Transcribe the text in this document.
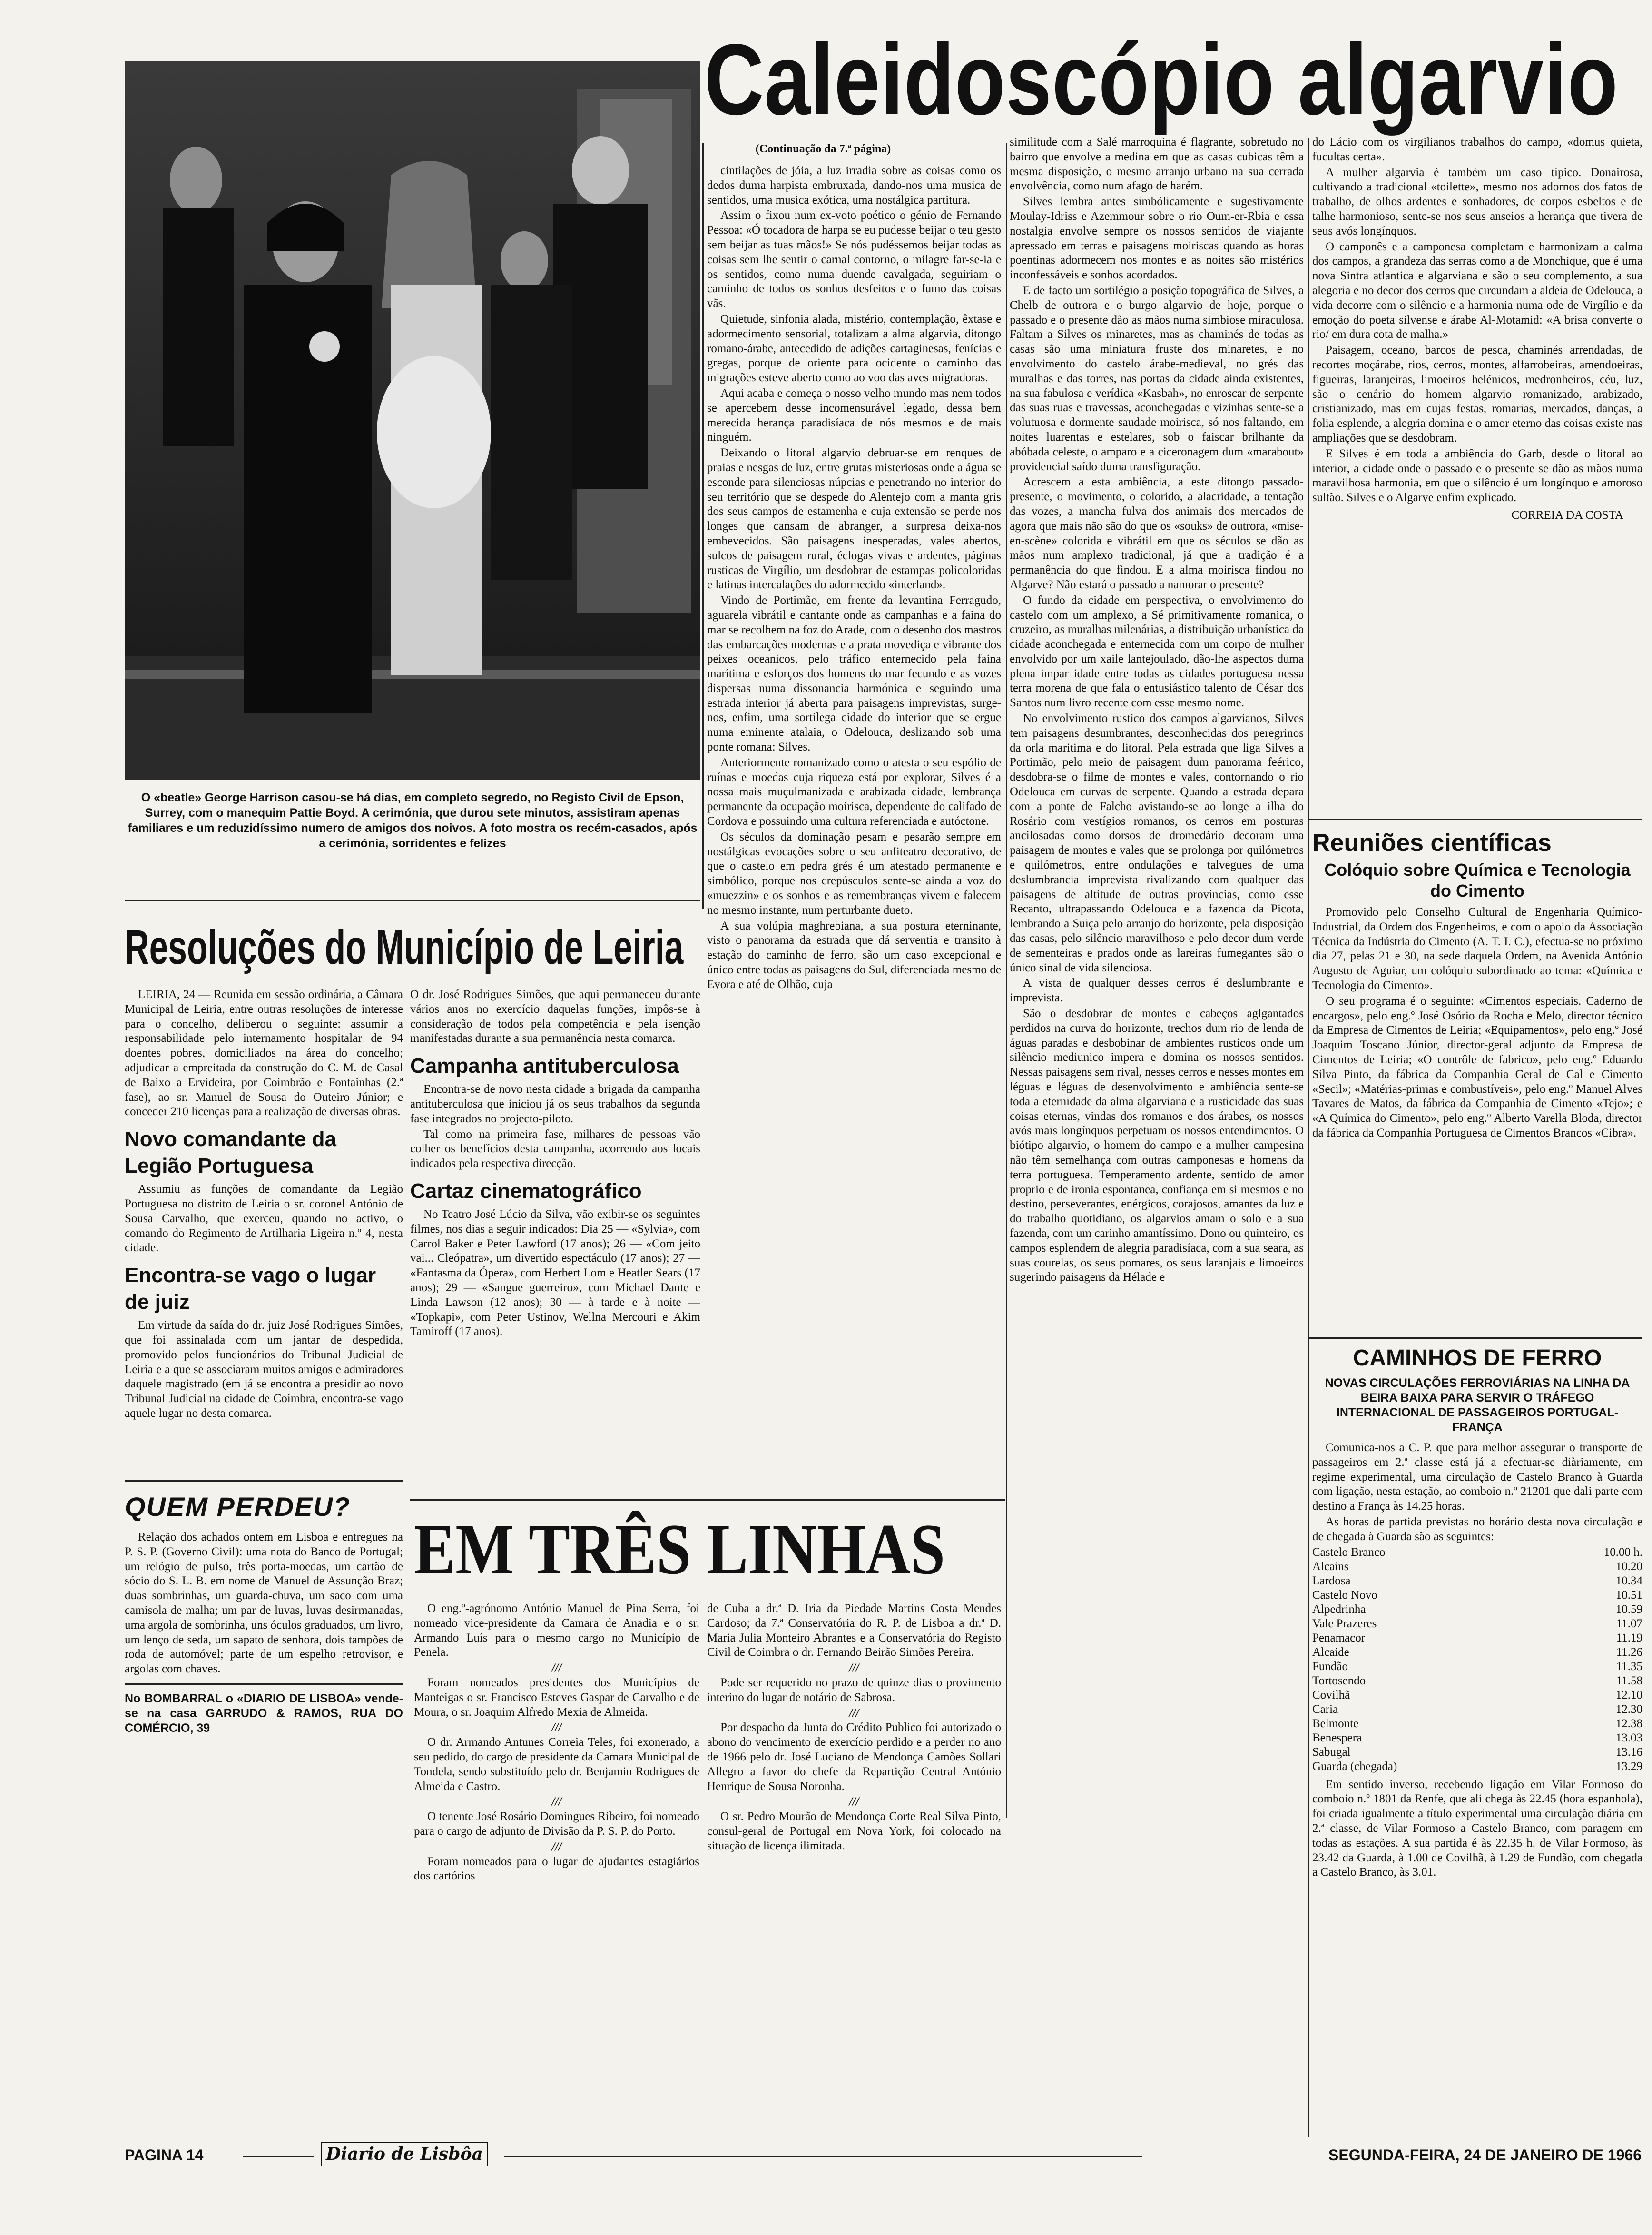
Caleidoscópio algarvio
(Continuação da 7.ª página)
O «beatle» George Harrison casou-se há dias, em completo segredo, no Registo Civil de Epson, Surrey, com o manequim Pattie Boyd. A cerimónia, que durou sete minutos, assistiram apenas familiares e um reduzidíssimo numero de amigos dos noivos. A foto mostra os recém-casados, após a cerimónia, sorridentes e felizes

cintilações de jóia, a luz irradia sobre as coisas como os dedos duma harpista embruxada, dando-nos uma musica de sentidos, uma musica exótica, uma nostálgica partitura.

Assim o fixou num ex-voto poético o génio de Fernando Pessoa: «Ó tocadora de harpa se eu pudesse beijar o teu gesto sem beijar as tuas mãos!» Se nós pudéssemos beijar todas as coisas sem lhe sentir o carnal contorno, o milagre far-se-ia e os sentidos, como numa duende cavalgada, seguiriam o caminho de todos os sonhos desfeitos e o fumo das coisas vãs.

Quietude, sinfonia alada, mistério, contemplação, êxtase e adormecimento sensorial, totalizam a alma algarvia, ditongo romano-árabe, antecedido de adições cartaginesas, fenícias e gregas, porque de oriente para ocidente o caminho das migrações esteve aberto como ao voo das aves migradoras.

Aqui acaba e começa o nosso velho mundo mas nem todos se apercebem desse incomensurável legado, dessa bem merecida herança paradisíaca de nós mesmos e de mais ninguém.

Deixando o litoral algarvio debruar-se em renques de praias e nesgas de luz, entre grutas misteriosas onde a água se esconde para silenciosas núpcias e penetrando no interior do seu território que se despede do Alentejo com a manta gris dos seus campos de estamenha e cuja extensão se perde nos longes que cansam de abranger, a surpresa deixa-nos embevecidos. São paisagens inesperadas, vales abertos, sulcos de paisagem rural, éclogas vivas e ardentes, páginas rusticas de Virgílio, um desdobrar de estampas policoloridas e latinas intercalações do adormecido «interland».

Vindo de Portimão, em frente da levantina Ferragudo, aguarela vibrátil e cantante onde as campanhas e a faina do mar se recolhem na foz do Arade, com o desenho dos mastros das embarcações modernas e a prata movediça e vibrante dos peixes oceanicos, pelo tráfico enternecido pela faina marítima e esforços dos homens do mar fecundo e as vozes dispersas numa dissonancia harmónica e seguindo uma estrada interior já aberta para paisagens imprevistas, surge-nos, enfim, uma sortilega cidade do interior que se ergue numa eminente atalaia, o Odelouca, deslizando sob uma ponte romana: Silves.

Anteriormente romanizado como o atesta o seu espólio de ruínas e moedas cuja riqueza está por explorar, Silves é a nossa mais muçulmanizada e arabizada cidade, lembrança permanente da ocupação moirisca, dependente do califado de Cordova e possuindo uma cultura referenciada e autóctone.

Os séculos da dominação pesam e pesarão sempre em nostálgicas evocações sobre o seu anfiteatro decorativo, de que o castelo em pedra grés é um atestado permanente e simbólico, porque nos crepúsculos sente-se ainda a voz do «muezzin» e os sonhos e as remembranças vivem e falecem no mesmo instante, num perturbante dueto.

A sua volúpia maghrebiana, a sua postura eterninante, visto o panorama da estrada que dá serventia e transito à estação do caminho de ferro, são um caso excepcional e único entre todas as paisagens do Sul, diferenciada mesmo de Evora e até de Olhão, cuja

similitude com a Salé marroquina é flagrante, sobretudo no bairro que envolve a medina em que as casas cubicas têm a mesma disposição, o mesmo arranjo urbano na sua cerrada envolvência, como num afago de harém.

Silves lembra antes simbólicamente e sugestivamente Moulay-Idriss e Azemmour sobre o rio Oum-er-Rbia e essa nostalgia envolve sempre os nossos sentidos de viajante apressado em terras e paisagens moiriscas quando as horas poentinas adormecem nos montes e as noites são mistérios inconfessáveis e sonhos acordados.

E de facto um sortilégio a posição topográfica de Silves, a Chelb de outrora e o burgo algarvio de hoje, porque o passado e o presente dão as mãos numa simbiose miraculosa. Faltam a Silves os minaretes, mas as chaminés de todas as casas são uma miniatura fruste dos minaretes, e no envolvimento do castelo árabe-medieval, no grés das muralhas e das torres, nas portas da cidade ainda existentes, na sua fabulosa e verídica «Kasbah», no enroscar de serpente das suas ruas e travessas, aconchegadas e vizinhas sente-se a volutuosa e dormente saudade moirisca, só nos faltando, em noites luarentas e estelares, sob o faiscar brilhante da abóbada celeste, o amparo e a ciceronagem dum «marabout» providencial saído duma transfiguração.

Acrescem a esta ambiência, a este ditongo passado-presente, o movimento, o colorido, a alacridade, a tentação das vozes, a mancha fulva dos animais dos mercados de agora que mais não são do que os «souks» de outrora, «mise-en-scène» colorida e vibrátil em que os séculos se dão as mãos num amplexo tradicional, já que a tradição é a permanência do que findou. E a alma moirisca findou no Algarve? Não estará o passado a namorar o presente?

O fundo da cidade em perspectiva, o envolvimento do castelo com um amplexo, a Sé primitivamente romanica, o cruzeiro, as muralhas milenárias, a distribuição urbanística da cidade aconchegada e enternecida com um corpo de mulher envolvido por um xaile lantejoulado, dão-lhe aspectos duma plena impar idade entre todas as cidades portuguesa nessa terra morena de que fala o entusiástico talento de César dos Santos num livro recente com esse mesmo nome.

No envolvimento rustico dos campos algarvianos, Silves tem paisagens desumbrantes, desconhecidas dos peregrinos da orla maritima e do litoral. Pela estrada que liga Silves a Portimão, pelo meio de paisagem dum panorama feérico, desdobra-se o filme de montes e vales, contornando o rio Odelouca em curvas de serpente. Quando a estrada depara com a ponte de Falcho avistando-se ao longe a ilha do Rosário com vestígios romanos, os cerros em posturas ancilosadas como dorsos de dromedário decoram uma paisagem de montes e vales que se prolonga por quilómetros e quilómetros, entre ondulações e talvegues de uma deslumbrancia imprevista rivalizando com qualquer das paisagens de altitude de outras províncias, como esse Recanto, ultrapassando Odelouca e a fazenda da Picota, lembrando a Suiça pelo arranjo do horizonte, pela disposição das casas, pelo silêncio maravilhoso e pelo decor dum verde de sementeiras e prados onde as lareiras fumegantes são o único sinal de vida silenciosa.

A vista de qualquer desses cerros é deslumbrante e imprevista.

São o desdobrar de montes e cabeços aglgantados perdidos na curva do horizonte, trechos dum rio de lenda de águas paradas e desbobinar de ambientes rusticos onde um silêncio mediunico impera e domina os nossos sentidos. Nessas paisagens sem rival, nesses cerros e nesses montes em léguas e léguas de desenvolvimento e ambiência sente-se toda a eternidade da alma algarviana e a rusticidade das suas coisas eternas, vindas dos romanos e dos árabes, os nossos avós mais longínquos perpetuam os nossos entendimentos. O biótipo algarvio, o homem do campo e a mulher campesina não têm semelhança com outras camponesas e homens da terra portuguesa. Temperamento ardente, sentido de amor proprio e de ironia espontanea, confiança em si mesmos e no destino, perseverantes, enérgicos, corajosos, amantes da luz e do trabalho quotidiano, os algarvios amam o solo e a sua fazenda, com um carinho amantíssimo. Dono ou quinteiro, os campos esplendem de alegria paradisíaca, com a sua seara, as suas courelas, os seus pomares, os seus laranjais e limoeiros sugerindo paisagens da Hélade e

do Lácio com os virgilianos trabalhos do campo, «domus quieta, fucultas certa».

A mulher algarvia é também um caso típico. Donairosa, cultivando a tradicional «toilette», mesmo nos adornos dos fatos de trabalho, de olhos ardentes e sonhadores, de corpos esbeltos e de talhe harmonioso, sente-se nos seus anseios a herança que tivera de seus avós longínquos.

O camponês e a camponesa completam e harmonizam a calma dos campos, a grandeza das serras como a de Monchique, que é uma nova Sintra atlantica e algarviana e são o seu complemento, a sua alegoria e no decor dos cerros que circundam a aldeia de Odelouca, a vida decorre com o silêncio e a harmonia numa ode de Virgílio e da emoção do poeta silvense e árabe Al-Motamid: «A brisa converte o rio/ em dura cota de malha.»

Paisagem, oceano, barcos de pesca, chaminés arrendadas, de recortes moçárabe, rios, cerros, montes, alfarrobeiras, amendoeiras, figueiras, laranjeiras, limoeiros helénicos, medronheiros, céu, luz, são o cenário do homem algarvio romanizado, arabizado, cristianizado, mas em cujas festas, romarias, mercados, danças, a folia esplende, a alegria domina e o amor eterno das coisas existe nas ampliações que se desdobram.

E Silves é em toda a ambiência do Garb, desde o litoral ao interior, a cidade onde o passado e o presente se dão as mãos numa maravilhosa harmonia, em que o silêncio é um longínquo e amoroso sultão. Silves e o Algarve enfim explicado.

CORREIA DA COSTA
Resoluções do Município de Leiria

LEIRIA, 24 — Reunida em sessão ordinária, a Câmara Municipal de Leiria, entre outras resoluções de interesse para o concelho, deliberou o seguinte: assumir a responsabilidade pelo internamento hospitalar de 94 doentes pobres, domiciliados na área do concelho; adjudicar a empreitada da construção do C. M. de Casal de Baixo a Ervideira, por Coimbrão e Fontainhas (2.ª fase), ao sr. Manuel de Sousa do Outeiro Júnior; e conceder 210 licenças para a realização de diversas obras.

Novo comandante da Legião Portuguesa

Assumiu as funções de comandante da Legião Portuguesa no distrito de Leiria o sr. coronel António de Sousa Carvalho, que exerceu, quando no activo, o comando do Regimento de Artilharia Ligeira n.º 4, nesta cidade.

Encontra-se vago o lugar de juiz

Em virtude da saída do dr. juiz José Rodrigues Simões, que foi assinalada com um jantar de despedida, promovido pelos funcionários do Tribunal Judicial de Leiria e a que se associaram muitos amigos e admiradores daquele magistrado (em já se encontra a presidir ao novo Tribunal Judicial na cidade de Coimbra, encontra-se vago aquele lugar no desta comarca.

O dr. José Rodrigues Simões, que aqui permaneceu durante vários anos no exercício daquelas funções, impôs-se à consideração de todos pela competência e pela isenção manifestadas durante a sua permanência nesta comarca.

Campanha antituberculosa

Encontra-se de novo nesta cidade a brigada da campanha antituberculosa que iniciou já os seus trabalhos da segunda fase integrados no projecto-piloto.

Tal como na primeira fase, milhares de pessoas vão colher os benefícios desta campanha, acorrendo aos locais indicados pela respectiva direcção.

Cartaz cinematográfico

No Teatro José Lúcio da Silva, vão exibir-se os seguintes filmes, nos dias a seguir indicados: Dia 25 — «Sylvia», com Carrol Baker e Peter Lawford (17 anos); 26 — «Com jeito vai... Cleópatra», um divertido espectáculo (17 anos); 27 — «Fantasma da Ópera», com Herbert Lom e Heatler Sears (17 anos); 29 — «Sangue guerreiro», com Michael Dante e Linda Lawson (12 anos); 30 — à tarde e à noite — «Topkapi», com Peter Ustinov, Wellna Mercouri e Akim Tamiroff (17 anos).

QUEM PERDEU?

Relação dos achados ontem em Lisboa e entregues na P. S. P. (Governo Civil): uma nota do Banco de Portugal; um relógio de pulso, três porta-moedas, um cartão de sócio do S. L. B. em nome de Manuel de Assunção Braz; duas sombrinhas, um guarda-chuva, um saco com uma camisola de malha; um par de luvas, luvas desirmanadas, uma argola de sombrinha, uns óculos graduados, um livro, um lenço de seda, um sapato de senhora, dois tampões de roda de automóvel; parte de um espelho retrovisor, e argolas com chaves.

No BOMBARRAL o «DIARIO DE LISBOA» vende-se na casa GARRUDO & RAMOS, RUA DO COMÉRCIO, 39

EM TRÊS LINHAS

O eng.º-agrónomo António Manuel de Pina Serra, foi nomeado vice-presidente da Camara de Anadia e o sr. Armando Luís para o mesmo cargo no Município de Penela.

///

Foram nomeados presidentes dos Municípios de Manteigas o sr. Francisco Esteves Gaspar de Carvalho e de Moura, o sr. Joaquim Alfredo Mexia de Almeida.

///

O dr. Armando Antunes Correia Teles, foi exonerado, a seu pedido, do cargo de presidente da Camara Municipal de Tondela, sendo substituído pelo dr. Benjamin Rodrigues de Almeida e Castro.

///

O tenente José Rosário Domingues Ribeiro, foi nomeado para o cargo de adjunto de Divisão da P. S. P. do Porto.

///

Foram nomeados para o lugar de ajudantes estagiários dos cartórios

de Cuba a dr.ª D. Iria da Piedade Martins Costa Mendes Cardoso; da 7.ª Conservatória do R. P. de Lisboa a dr.ª D. Maria Julia Monteiro Abrantes e a Conservatória do Registo Civil de Coimbra o dr. Fernando Beirão Simões Pereira.

///

Pode ser requerido no prazo de quinze dias o provimento interino do lugar de notário de Sabrosa.

///

Por despacho da Junta do Crédito Publico foi autorizado o abono do vencimento de exercício perdido e a perder no ano de 1966 pelo dr. José Luciano de Mendonça Camões Sollari Allegro a favor do chefe da Repartição Central António Henrique de Sousa Noronha.

///

O sr. Pedro Mourão de Mendonça Corte Real Silva Pinto, consul-geral de Portugal em Nova York, foi colocado na situação de licença ilimitada.

Reuniões científicas
Colóquio sobre Química e Tecnologia do Cimento

Promovido pelo Conselho Cultural de Engenharia Químico-Industrial, da Ordem dos Engenheiros, e com o apoio da Associação Técnica da Indústria do Cimento (A. T. I. C.), efectua-se no próximo dia 27, pelas 21 e 30, na sede daquela Ordem, na Avenida António Augusto de Aguiar, um colóquio subordinado ao tema: «Química e Tecnologia do Cimento».

O seu programa é o seguinte: «Cimentos especiais. Caderno de encargos», pelo eng.º José Osório da Rocha e Melo, director técnico da Empresa de Cimentos de Leiria; «Equipamentos», pelo eng.º José Joaquim Toscano Júnior, director-geral adjunto da Empresa de Cimentos de Leiria; «O contrôle de fabrico», pelo eng.º Eduardo Silva Pinto, da fábrica da Companhia Geral de Cal e Cimento «Secil»; «Matérias-primas e combustíveis», pelo eng.º Manuel Alves Tavares de Matos, da fábrica da Companhia de Cimento «Tejo»; e «A Química do Cimento», pelo eng.º Alberto Varella Bloda, director da fábrica da Companhia Portuguesa de Cimentos Brancos «Cibra».

CAMINHOS DE FERRO
NOVAS CIRCULAÇÕES FERROVIÁRIAS NA LINHA DA BEIRA BAIXA PARA SERVIR O TRÁFEGO INTERNACIONAL DE PASSAGEIROS PORTUGAL-FRANÇA

Comunica-nos a C. P. que para melhor assegurar o transporte de passageiros em 2.ª classe está já a efectuar-se diàriamente, em regime experimental, uma circulação de Castelo Branco à Guarda com ligação, nesta estação, ao comboio n.º 21201 que dali parte com destino a França às 14.25 horas.

As horas de partida previstas no horário desta nova circulação e de chegada à Guarda são as seguintes:

Castelo Branco	10.00 h.
Alcains	10.20
Lardosa	10.34
Castelo Novo	10.51
Alpedrinha	10.59
Vale Prazeres	11.07
Penamacor	11.19
Alcaide	11.26
Fundão	11.35
Tortosendo	11.58
Covilhã	12.10
Caria	12.30
Belmonte	12.38
Benespera	13.03
Sabugal	13.16
Guarda (chegada)	13.29

Em sentido inverso, recebendo ligação em Vilar Formoso do comboio n.º 1801 da Renfe, que ali chega às 22.45 (hora espanhola), foi criada igualmente a título experimental uma circulação diária em 2.ª classe, de Vilar Formoso a Castelo Branco, com paragem em todas as estações. A sua partida é às 22.35 h. de Vilar Formoso, às 23.42 da Guarda, à 1.00 de Covilhã, à 1.29 de Fundão, com chegada a Castelo Branco, às 3.01.

PAGINA 14	Diario de Lisbôa	SEGUNDA-FEIRA, 24 DE JANEIRO DE 1966
